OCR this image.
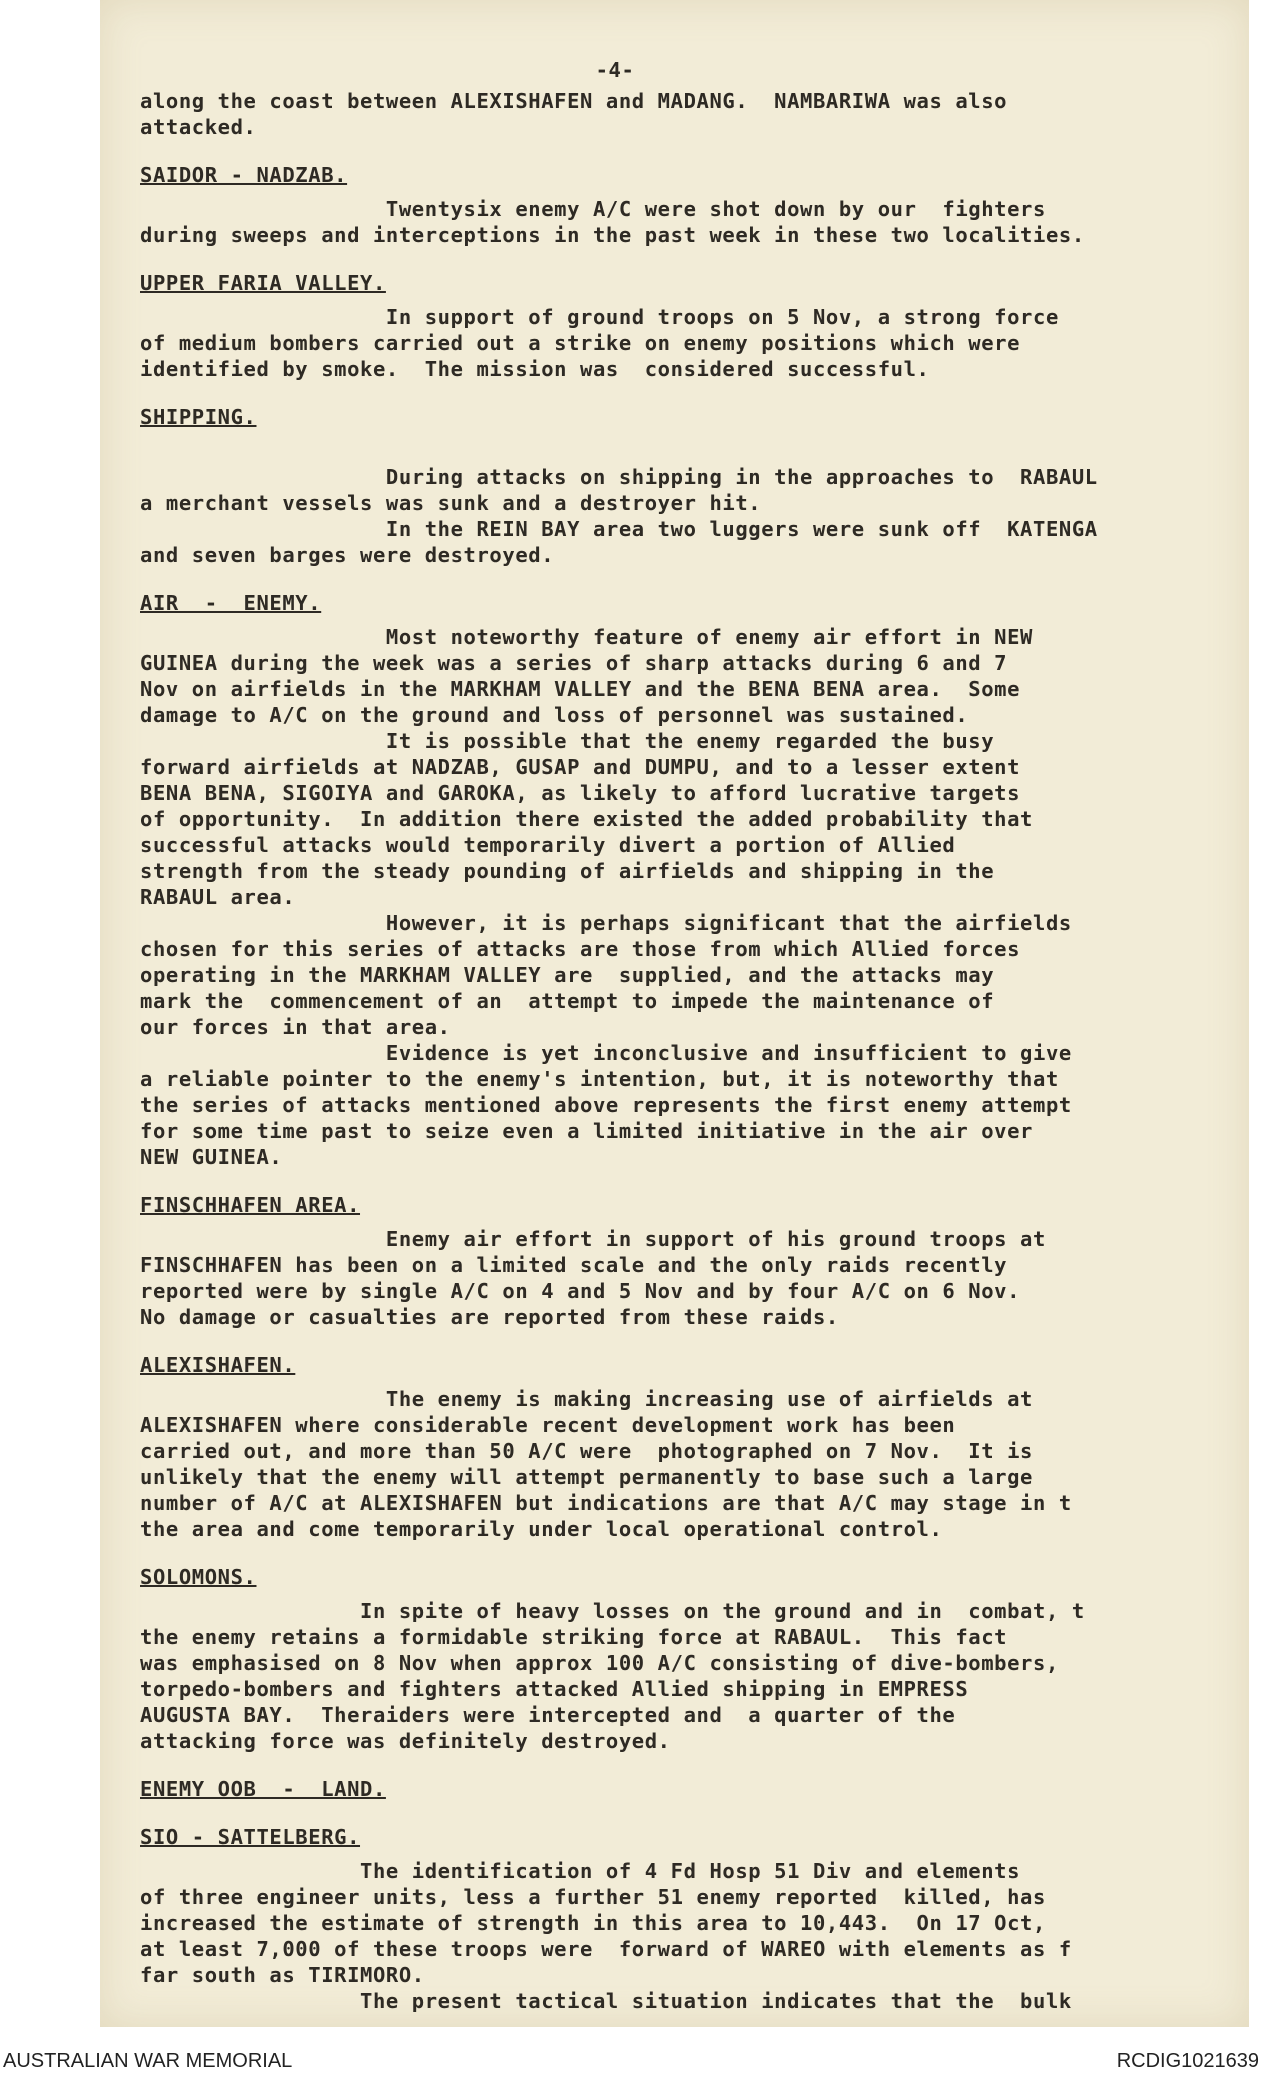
-4-
along the coast between ALEXISHAFEN and MADANG.  NAMBARIWA was also
attacked.
SAIDOR - NADZAB.
Twentysix enemy A/C were shot down by our  fighters
during sweeps and interceptions in the past week in these two localities.
UPPER FARIA VALLEY.
In support of ground troops on 5 Nov, a strong force
of medium bombers carried out a strike on enemy positions which were
identified by smoke.  The mission was  considered successful.
SHIPPING.
During attacks on shipping in the approaches to  RABAUL
a merchant vessels was sunk and a destroyer hit.
In the REIN BAY area two luggers were sunk off  KATENGA
and seven barges were destroyed.
AIR  -  ENEMY.
Most noteworthy feature of enemy air effort in NEW
GUINEA during the week was a series of sharp attacks during 6 and 7
Nov on airfields in the MARKHAM VALLEY and the BENA BENA area.  Some
damage to A/C on the ground and loss of personnel was sustained.
It is possible that the enemy regarded the busy
forward airfields at NADZAB, GUSAP and DUMPU, and to a lesser extent
BENA BENA, SIGOIYA and GAROKA, as likely to afford lucrative targets
of opportunity.  In addition there existed the added probability that
successful attacks would temporarily divert a portion of Allied
strength from the steady pounding of airfields and shipping in the
RABAUL area.
However, it is perhaps significant that the airfields
chosen for this series of attacks are those from which Allied forces
operating in the MARKHAM VALLEY are  supplied, and the attacks may
mark the  commencement of an  attempt to impede the maintenance of
our forces in that area.
Evidence is yet inconclusive and insufficient to give
a reliable pointer to the enemy's intention, but, it is noteworthy that
the series of attacks mentioned above represents the first enemy attempt
for some time past to seize even a limited initiative in the air over
NEW GUINEA.
FINSCHHAFEN AREA.
Enemy air effort in support of his ground troops at
FINSCHHAFEN has been on a limited scale and the only raids recently
reported were by single A/C on 4 and 5 Nov and by four A/C on 6 Nov.
No damage or casualties are reported from these raids.
ALEXISHAFEN.
The enemy is making increasing use of airfields at
ALEXISHAFEN where considerable recent development work has been
carried out, and more than 50 A/C were  photographed on 7 Nov.  It is
unlikely that the enemy will attempt permanently to base such a large
number of A/C at ALEXISHAFEN but indications are that A/C may stage in t
the area and come temporarily under local operational control.
SOLOMONS.
In spite of heavy losses on the ground and in  combat, t
the enemy retains a formidable striking force at RABAUL.  This fact
was emphasised on 8 Nov when approx 100 A/C consisting of dive-bombers,
torpedo-bombers and fighters attacked Allied shipping in EMPRESS
AUGUSTA BAY.  Theraiders were intercepted and  a quarter of the
attacking force was definitely destroyed.
ENEMY OOB  -  LAND.
SIO - SATTELBERG.
The identification of 4 Fd Hosp 51 Div and elements
of three engineer units, less a further 51 enemy reported  killed, has
increased the estimate of strength in this area to 10,443.  On 17 Oct,
at least 7,000 of these troops were  forward of WAREO with elements as f
far south as TIRIMORO.
The present tactical situation indicates that the  bulk
AUSTRALIAN WAR MEMORIAL	RCDIG1021639
